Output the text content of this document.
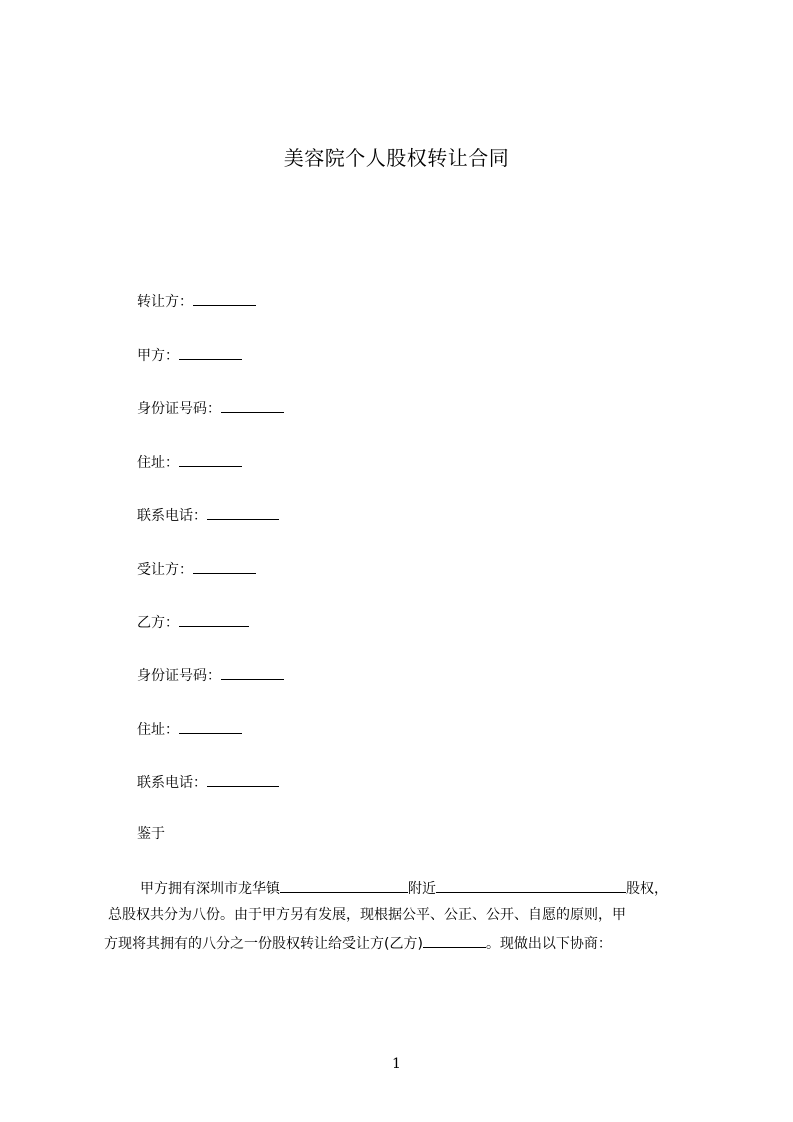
美容院个人股权转让合同
转让方：
甲方：
身份证号码：
住址：
联系电话：
受让方：
乙方：
身份证号码：
住址：
联系电话：
鉴于
甲方拥有深圳市龙华镇	附近	股权，
总股权共分为八份。由于甲方另有发展，现根据公平、公正、公开、自愿的原则，甲
方现将其拥有的八分之一份股权转让给受让方(乙方)	。现做出以下协商：
1
